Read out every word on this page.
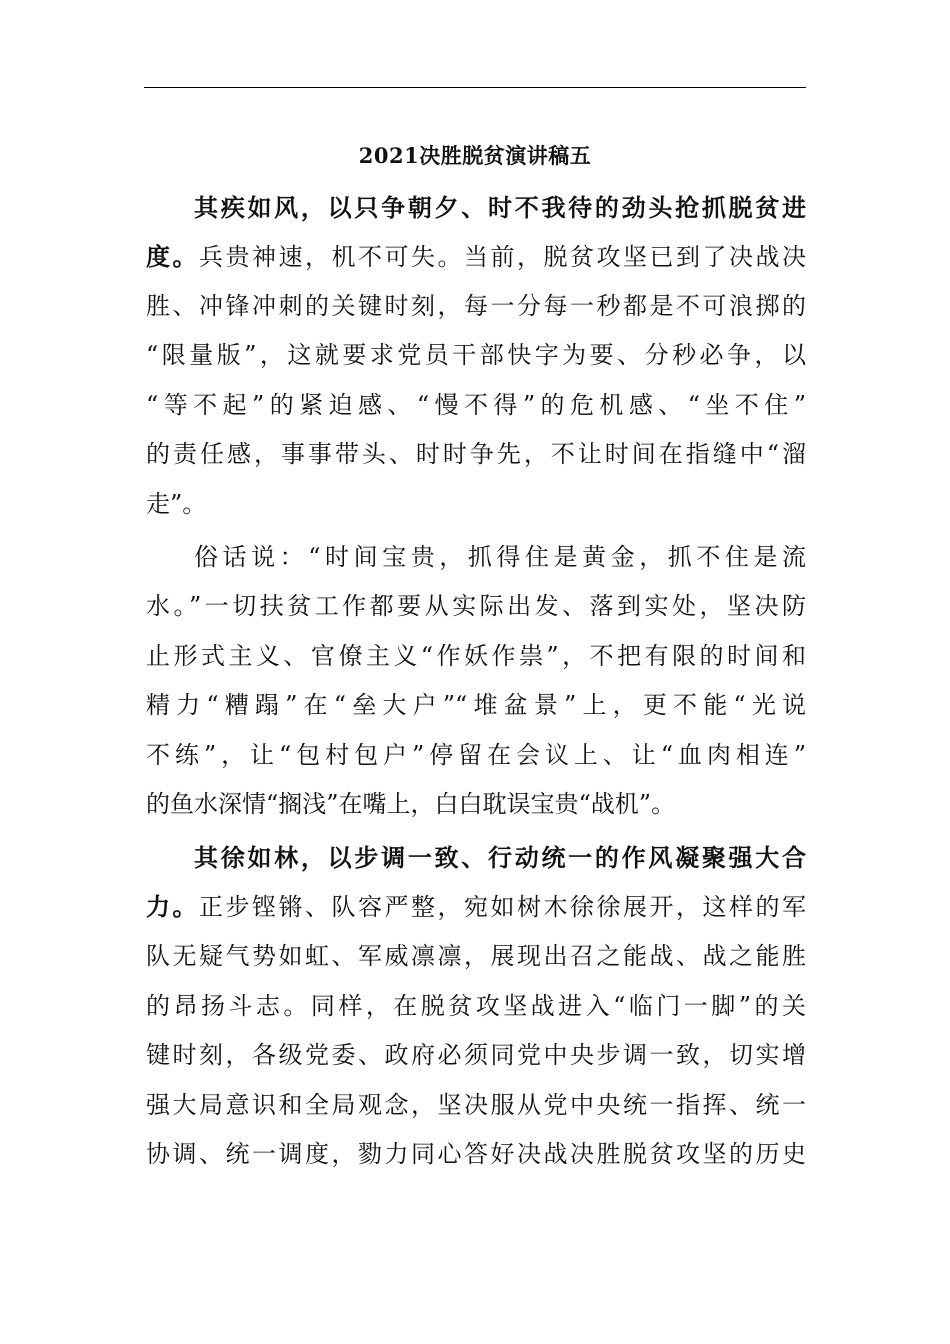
2021决胜脱贫演讲稿五
其疾如风，以只争朝夕、时不我待的劲头抢抓脱贫进
度。兵贵神速，机不可失。当前，脱贫攻坚已到了决战决
胜、冲锋冲刺的关键时刻，每一分每一秒都是不可浪掷的
“限量版”，这就要求党员干部快字为要、分秒必争，以
“等不起”的紧迫感、“慢不得”的危机感、“坐不住”
的责任感，事事带头、时时争先，不让时间在指缝中“溜
走”。
俗话说：“时间宝贵，抓得住是黄金，抓不住是流
水。”一切扶贫工作都要从实际出发、落到实处，坚决防
止形式主义、官僚主义“作妖作祟”，不把有限的时间和
精力“糟蹋”在“垒大户”“堆盆景”上，更不能“光说
不练”，让“包村包户”停留在会议上、让“血肉相连”
的鱼水深情“搁浅”在嘴上，白白耽误宝贵“战机”。
其徐如林，以步调一致、行动统一的作风凝聚强大合
力。正步铿锵、队容严整，宛如树木徐徐展开，这样的军
队无疑气势如虹、军威凛凛，展现出召之能战、战之能胜
的昂扬斗志。同样，在脱贫攻坚战进入“临门一脚”的关
键时刻，各级党委、政府必须同党中央步调一致，切实增
强大局意识和全局观念，坚决服从党中央统一指挥、统一
协调、统一调度，勠力同心答好决战决胜脱贫攻坚的历史
